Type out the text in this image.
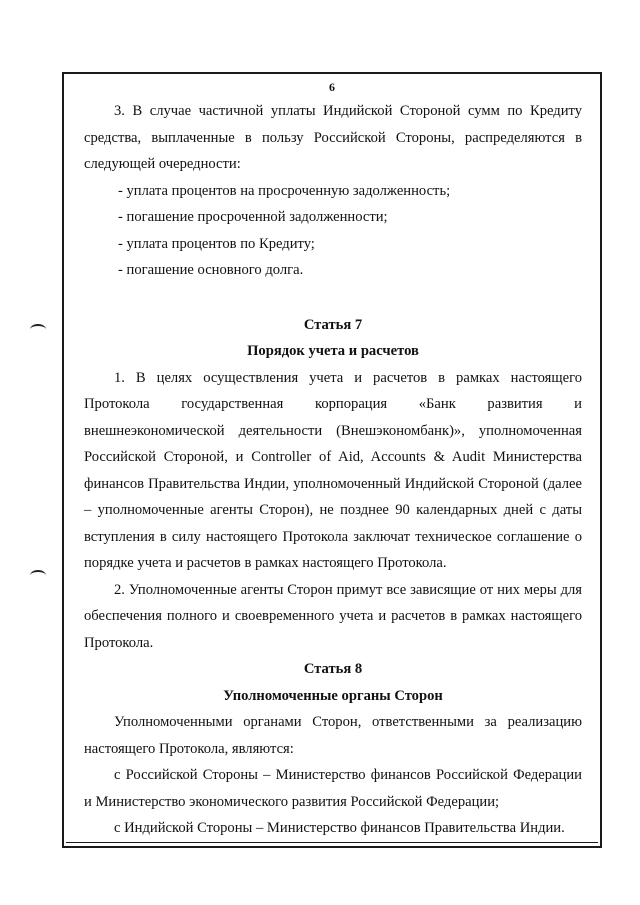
6

3. В случае частичной уплаты Индийской Стороной сумм по Кредиту средства, выплаченные в пользу Российской Стороны, распределяются в следующей очередности:

- уплата процентов на просроченную задолженность;

- погашение просроченной задолженности;

- уплата процентов по Кредиту;

- погашение основного долга.

Статья 7

Порядок учета и расчетов

1. В целях осуществления учета и расчетов в рамках настоящего Протокола государственная корпорация «Банк развития и внешнеэкономической деятельности (Внешэкономбанк)», уполномоченная Российской Стороной, и Controller of Aid, Accounts & Audit Министерства финансов Правительства Индии, уполномоченный Индийской Стороной (далее – уполномоченные агенты Сторон), не позднее 90 календарных дней с даты вступления в силу настоящего Протокола заключат техническое соглашение о порядке учета и расчетов в рамках настоящего Протокола.

2. Уполномоченные агенты Сторон примут все зависящие от них меры для обеспечения полного и своевременного учета и расчетов в рамках настоящего Протокола.

Статья 8

Уполномоченные органы Сторон

Уполномоченными органами Сторон, ответственными за реализацию настоящего Протокола, являются:

с Российской Стороны – Министерство финансов Российской Федерации и Министерство экономического развития Российской Федерации;

с Индийской Стороны – Министерство финансов Правительства Индии.
